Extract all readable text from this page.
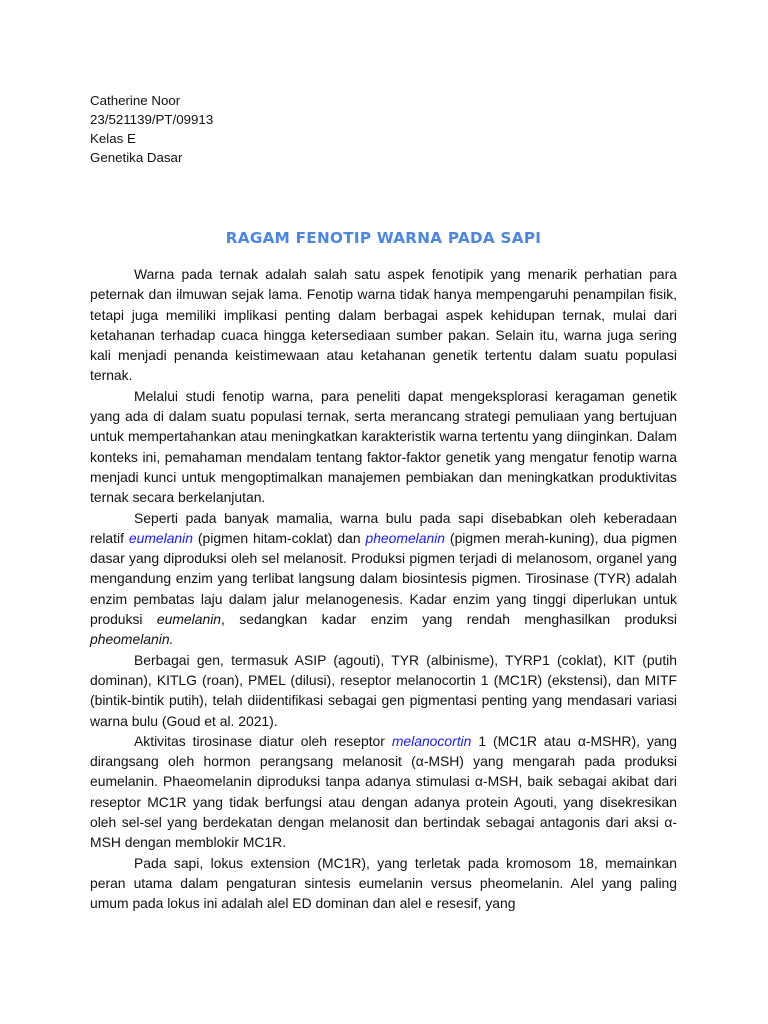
Catherine Noor
23/521139/PT/09913
Kelas E
Genetika Dasar
RAGAM FENOTIP WARNA PADA SAPI

Warna pada ternak adalah salah satu aspek fenotipik yang menarik perhatian para peternak dan ilmuwan sejak lama. Fenotip warna tidak hanya mempengaruhi penampilan fisik, tetapi juga memiliki implikasi penting dalam berbagai aspek kehidupan ternak, mulai dari ketahanan terhadap cuaca hingga ketersediaan sumber pakan. Selain itu, warna juga sering kali menjadi penanda keistimewaan atau ketahanan genetik tertentu dalam suatu populasi ternak.

Melalui studi fenotip warna, para peneliti dapat mengeksplorasi keragaman genetik yang ada di dalam suatu populasi ternak, serta merancang strategi pemuliaan yang bertujuan untuk mempertahankan atau meningkatkan karakteristik warna tertentu yang diinginkan. Dalam konteks ini, pemahaman mendalam tentang faktor-faktor genetik yang mengatur fenotip warna menjadi kunci untuk mengoptimalkan manajemen pembiakan dan meningkatkan produktivitas ternak secara berkelanjutan.

Seperti pada banyak mamalia, warna bulu pada sapi disebabkan oleh keberadaan relatif eumelanin (pigmen hitam-coklat) dan pheomelanin (pigmen merah-kuning), dua pigmen dasar yang diproduksi oleh sel melanosit. Produksi pigmen terjadi di melanosom, organel yang mengandung enzim yang terlibat langsung dalam biosintesis pigmen. Tirosinase (TYR) adalah enzim pembatas laju dalam jalur melanogenesis. Kadar enzim yang tinggi diperlukan untuk produksi eumelanin, sedangkan kadar enzim yang rendah menghasilkan produksi pheomelanin.

Berbagai gen, termasuk ASIP (agouti), TYR (albinisme), TYRP1 (coklat), KIT (putih dominan), KITLG (roan), PMEL (dilusi), reseptor melanocortin 1 (MC1R) (ekstensi), dan MITF (bintik-bintik putih), telah diidentifikasi sebagai gen pigmentasi penting yang mendasari variasi warna bulu (Goud et al. 2021).

Aktivitas tirosinase diatur oleh reseptor melanocortin 1 (MC1R atau α-MSHR), yang dirangsang oleh hormon perangsang melanosit (α-MSH) yang mengarah pada produksi eumelanin. Phaeomelanin diproduksi tanpa adanya stimulasi α-MSH, baik sebagai akibat dari reseptor MC1R yang tidak berfungsi atau dengan adanya protein Agouti, yang disekresikan oleh sel-sel yang berdekatan dengan melanosit dan bertindak sebagai antagonis dari aksi α-MSH dengan memblokir MC1R.

Pada sapi, lokus extension (MC1R), yang terletak pada kromosom 18, memainkan peran utama dalam pengaturan sintesis eumelanin versus pheomelanin. Alel yang paling umum pada lokus ini adalah alel ED dominan dan alel e resesif, yang
